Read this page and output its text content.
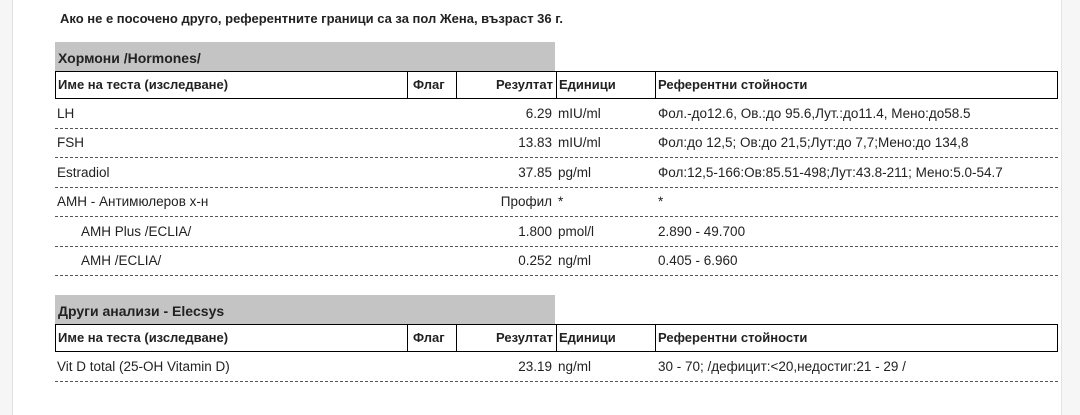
Ако не е посочено друго, референтните граници са за пол Жена, възраст 36 г.
Хормони /Hormones/
Име на теста (изследване)	Флаг	Резултат Единици	Референтни стойности
LH	6.29 mIU/ml	Фол.-до12.6, Ов.:до 95.6,Лут.:до11.4, Мено:до58.5
FSH	13.83 mIU/ml	Фол:до 12,5; Ов:до 21,5;Лут:до 7,7;Мено:до 134,8
Estradiol	37.85 pg/ml	Фол:12,5-166:Ов:85.51-498;Лут:43.8-211; Мено:5.0-54.7
AMH - Антимюлеров х-н	Профил *	*
AMH Plus /ECLIA/	1.800 pmol/l	2.890 - 49.700
AMH /ECLIA/	0.252 ng/ml	0.405 - 6.960
Други анализи - Elecsys
Име на теста (изследване)	Флаг	Резултат Единици	Референтни стойности
Vit D total (25-OH Vitamin D)	23.19 ng/ml	30 - 70; /дефицит:<20,недостиг:21 - 29 /
